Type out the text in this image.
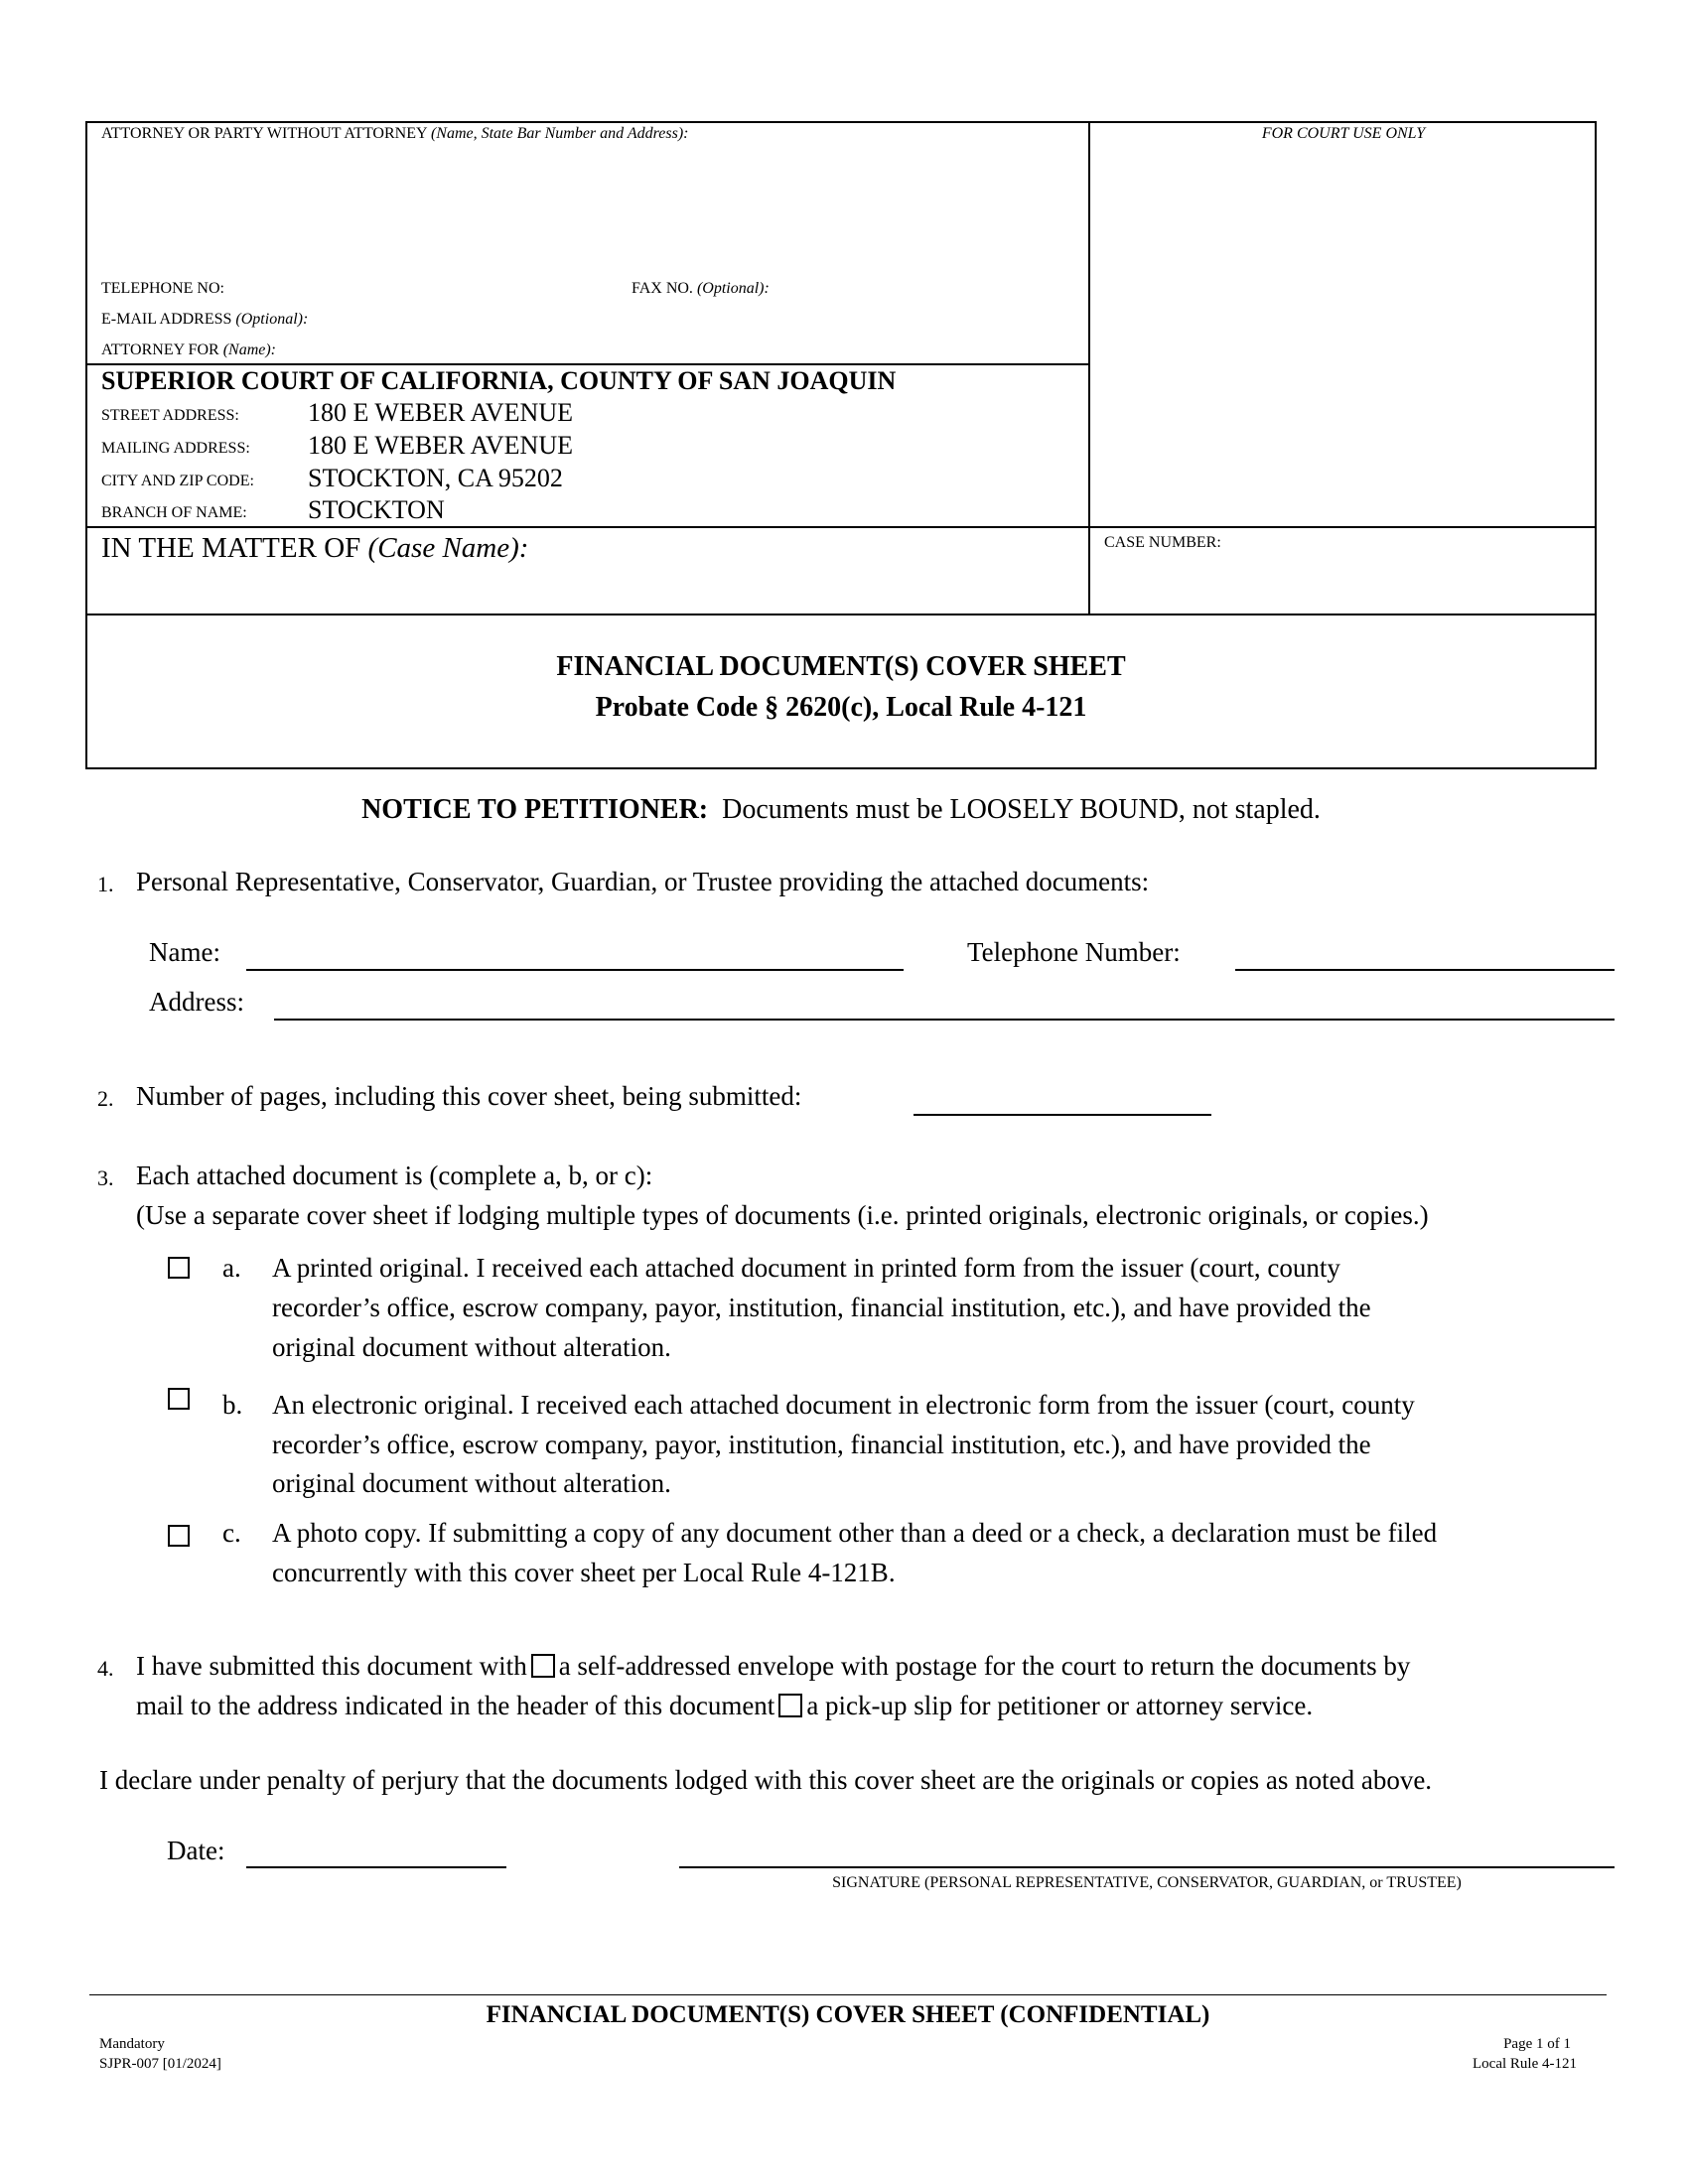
ATTORNEY OR PARTY WITHOUT ATTORNEY (Name, State Bar Number and Address):	FOR COURT USE ONLY
TELEPHONE NO:	FAX NO. (Optional):
E-MAIL ADDRESS (Optional):
ATTORNEY FOR (Name):
SUPERIOR COURT OF CALIFORNIA, COUNTY OF SAN JOAQUIN
STREET ADDRESS:	180 E WEBER AVENUE
MAILING ADDRESS: 180 E WEBER AVENUE
CITY AND ZIP CODE: STOCKTON, CA 95202
BRANCH OF NAME: STOCKTON
IN THE MATTER OF (Case Name):	CASE NUMBER:
FINANCIAL DOCUMENT(S) COVER SHEET
Probate Code § 2620(c), Local Rule 4-121
NOTICE TO PETITIONER: Documents must be LOOSELY BOUND, not stapled.
1. Personal Representative, Conservator, Guardian, or Trustee providing the attached documents:
Name:	Telephone Number:
Address:
2. Number of pages, including this cover sheet, being submitted:
3. Each attached document is (complete a, b, or c):
(Use a separate cover sheet if lodging multiple types of documents (i.e. printed originals, electronic originals, or copies.)
a. A printed original. I received each attached document in printed form from the issuer (court, county
recorder’s office, escrow company, payor, institution, financial institution, etc.), and have provided the
original document without alteration.
b. An electronic original. I received each attached document in electronic form from the issuer (court, county
recorder’s office, escrow company, payor, institution, financial institution, etc.), and have provided the
original document without alteration.
c. A photo copy. If submitting a copy of any document other than a deed or a check, a declaration must be filed
concurrently with this cover sheet per Local Rule 4-121B.
4. I have submitted this document with a self-addressed envelope with postage for the court to return the documents by
mail to the address indicated in the header of this document a pick-up slip for petitioner or attorney service.
I declare under penalty of perjury that the documents lodged with this cover sheet are the originals or copies as noted above.
Date:
SIGNATURE (PERSONAL REPRESENTATIVE, CONSERVATOR, GUARDIAN, or TRUSTEE)
FINANCIAL DOCUMENT(S) COVER SHEET (CONFIDENTIAL)
Mandatory
SJPR-007 [01/2024]
Page 1 of 1
Local Rule 4-121
